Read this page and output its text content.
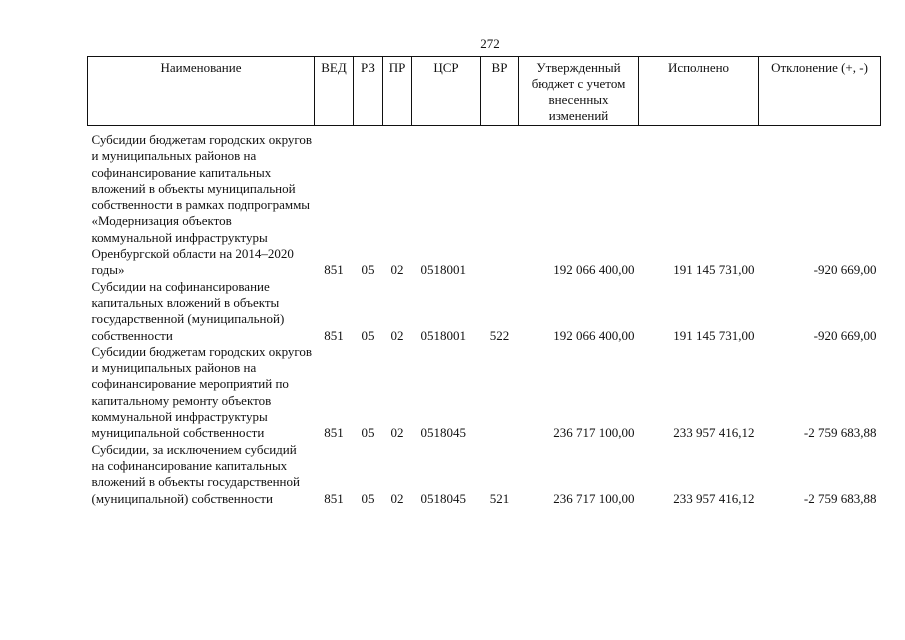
272
Наименование	ВЕД	РЗ	ПР	ЦСР	ВР	Утвержденный бюджет с учетом внесенных изменений	Исполнено	Отклонение (+, -)

Субсидии бюджетам городских округов и муниципальных районов на софинансирование капитальных вложений в объекты муниципальной собственности в рамках подпрограммы «Модернизация объектов коммунальной инфраструктуры Оренбургской области на 2014–2020 годы»	851	05	02	0518001		192 066 400,00	191 145 731,00	-920 669,00
Субсидии на софинансирование капитальных вложений в объекты государственной (муниципальной) собственности	851	05	02	0518001	522	192 066 400,00	191 145 731,00	-920 669,00
Субсидии бюджетам городских округов и муниципальных районов на софинансирование мероприятий по капитальному ремонту объектов коммунальной инфраструктуры муниципальной собственности	851	05	02	0518045		236 717 100,00	233 957 416,12	-2 759 683,88
Субсидии, за исключением субсидий на софинансирование капитальных вложений в объекты государственной (муниципальной) собственности	851	05	02	0518045	521	236 717 100,00	233 957 416,12	-2 759 683,88
